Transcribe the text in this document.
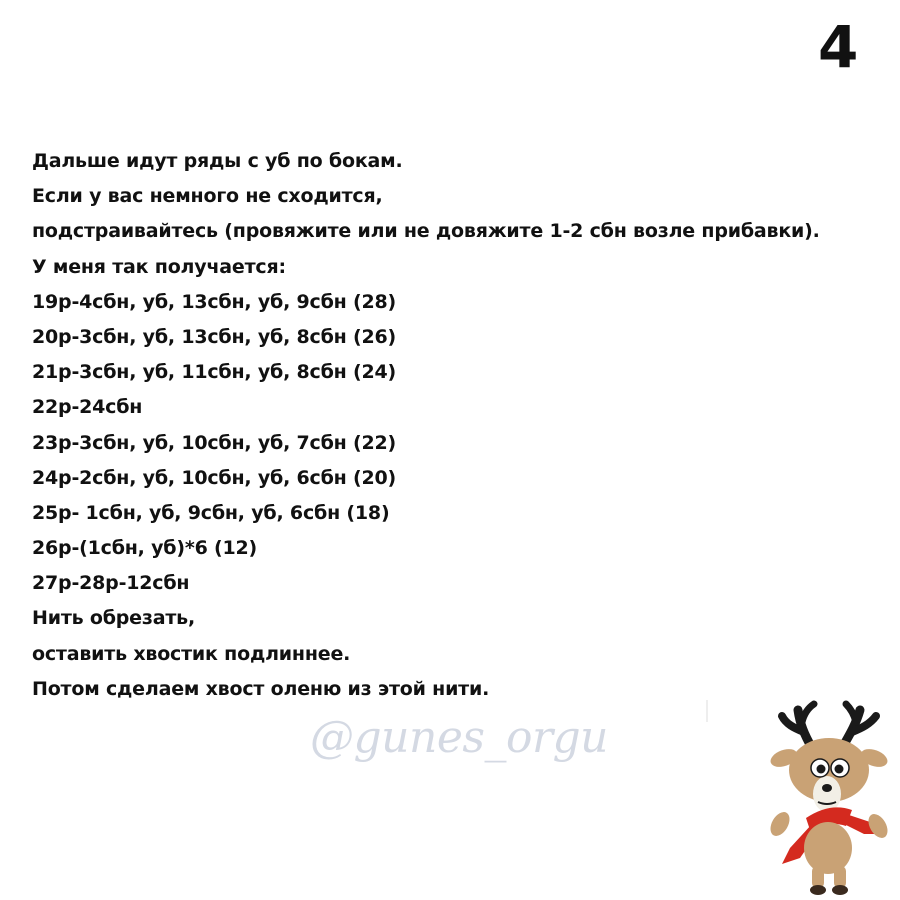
4
Дальше идут ряды с уб по бокам.
Если у вас немного не сходится,
подстраивайтесь (провяжите или не довяжите 1-2 сбн возле прибавки).
У меня так получается:
19р-4сбн, уб, 13сбн, уб, 9сбн (28)
20р-3сбн, уб, 13сбн, уб, 8сбн (26)
21р-3сбн, уб, 11сбн, уб, 8сбн (24)
22р-24сбн
23р-3сбн, уб, 10сбн, уб, 7сбн (22)
24р-2сбн, уб, 10сбн, уб, 6сбн (20)
25р- 1сбн, уб, 9сбн, уб, 6сбн (18)
26р-(1сбн, уб)*6 (12)
27р-28р-12сбн
Нить обрезать,
оставить хвостик подлиннее.
Потом сделаем хвост оленю из этой нити.
@gunes_orgu
